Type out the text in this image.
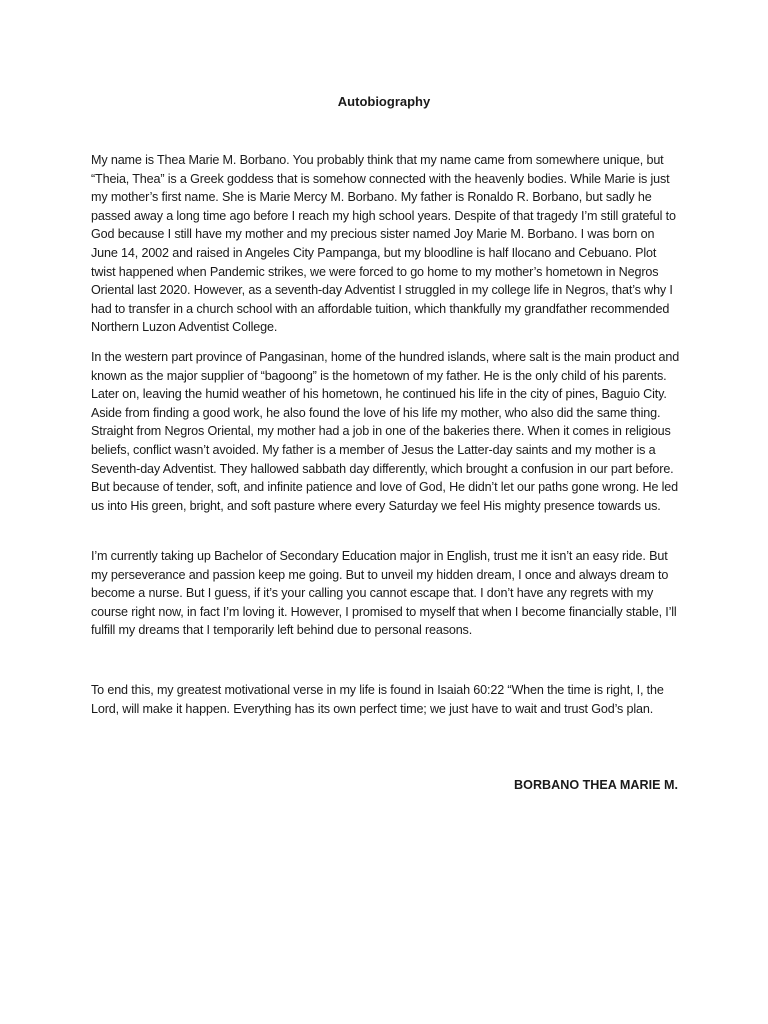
Autobiography

My name is Thea Marie M. Borbano. You probably think that my name came from somewhere unique, but “Theia, Thea” is a Greek goddess that is somehow connected with the heavenly bodies. While Marie is just my mother’s first name. She is Marie Mercy M. Borbano. My father is Ronaldo R. Borbano, but sadly he passed away a long time ago before I reach my high school years. Despite of that tragedy I’m still grateful to God because I still have my mother and my precious sister named Joy Marie M. Borbano. I was born on June 14, 2002 and raised in Angeles City Pampanga, but my bloodline is half Ilocano and Cebuano. Plot twist happened when Pandemic strikes, we were forced to go home to my mother’s hometown in Negros Oriental last 2020. However, as a seventh-day Adventist I struggled in my college life in Negros, that’s why I had to transfer in a church school with an affordable tuition, which thankfully my grandfather recommended Northern Luzon Adventist College.

In the western part province of Pangasinan, home of the hundred islands, where salt is the main product and known as the major supplier of “bagoong” is the hometown of my father. He is the only child of his parents. Later on, leaving the humid weather of his hometown, he continued his life in the city of pines, Baguio City. Aside from finding a good work, he also found the love of his life my mother, who also did the same thing. Straight from Negros Oriental, my mother had a job in one of the bakeries there. When it comes in religious beliefs, conflict wasn’t avoided. My father is a member of Jesus the Latter-day saints and my mother is a Seventh-day Adventist. They hallowed sabbath day differently, which brought a confusion in our part before. But because of tender, soft, and infinite patience and love of God, He didn’t let our paths gone wrong. He led us into His green, bright, and soft pasture where every Saturday we feel His mighty presence towards us.

I’m currently taking up Bachelor of Secondary Education major in English, trust me it isn’t an easy ride. But my perseverance and passion keep me going. But to unveil my hidden dream, I once and always dream to become a nurse. But I guess, if it’s your calling you cannot escape that. I don’t have any regrets with my course right now, in fact I’m loving it. However, I promised to myself that when I become financially stable, I’ll fulfill my dreams that I temporarily left behind due to personal reasons.

To end this, my greatest motivational verse in my life is found in Isaiah 60:22 “When the time is right, I, the Lord, will make it happen. Everything has its own perfect time; we just have to wait and trust God’s plan.

BORBANO THEA MARIE M.
